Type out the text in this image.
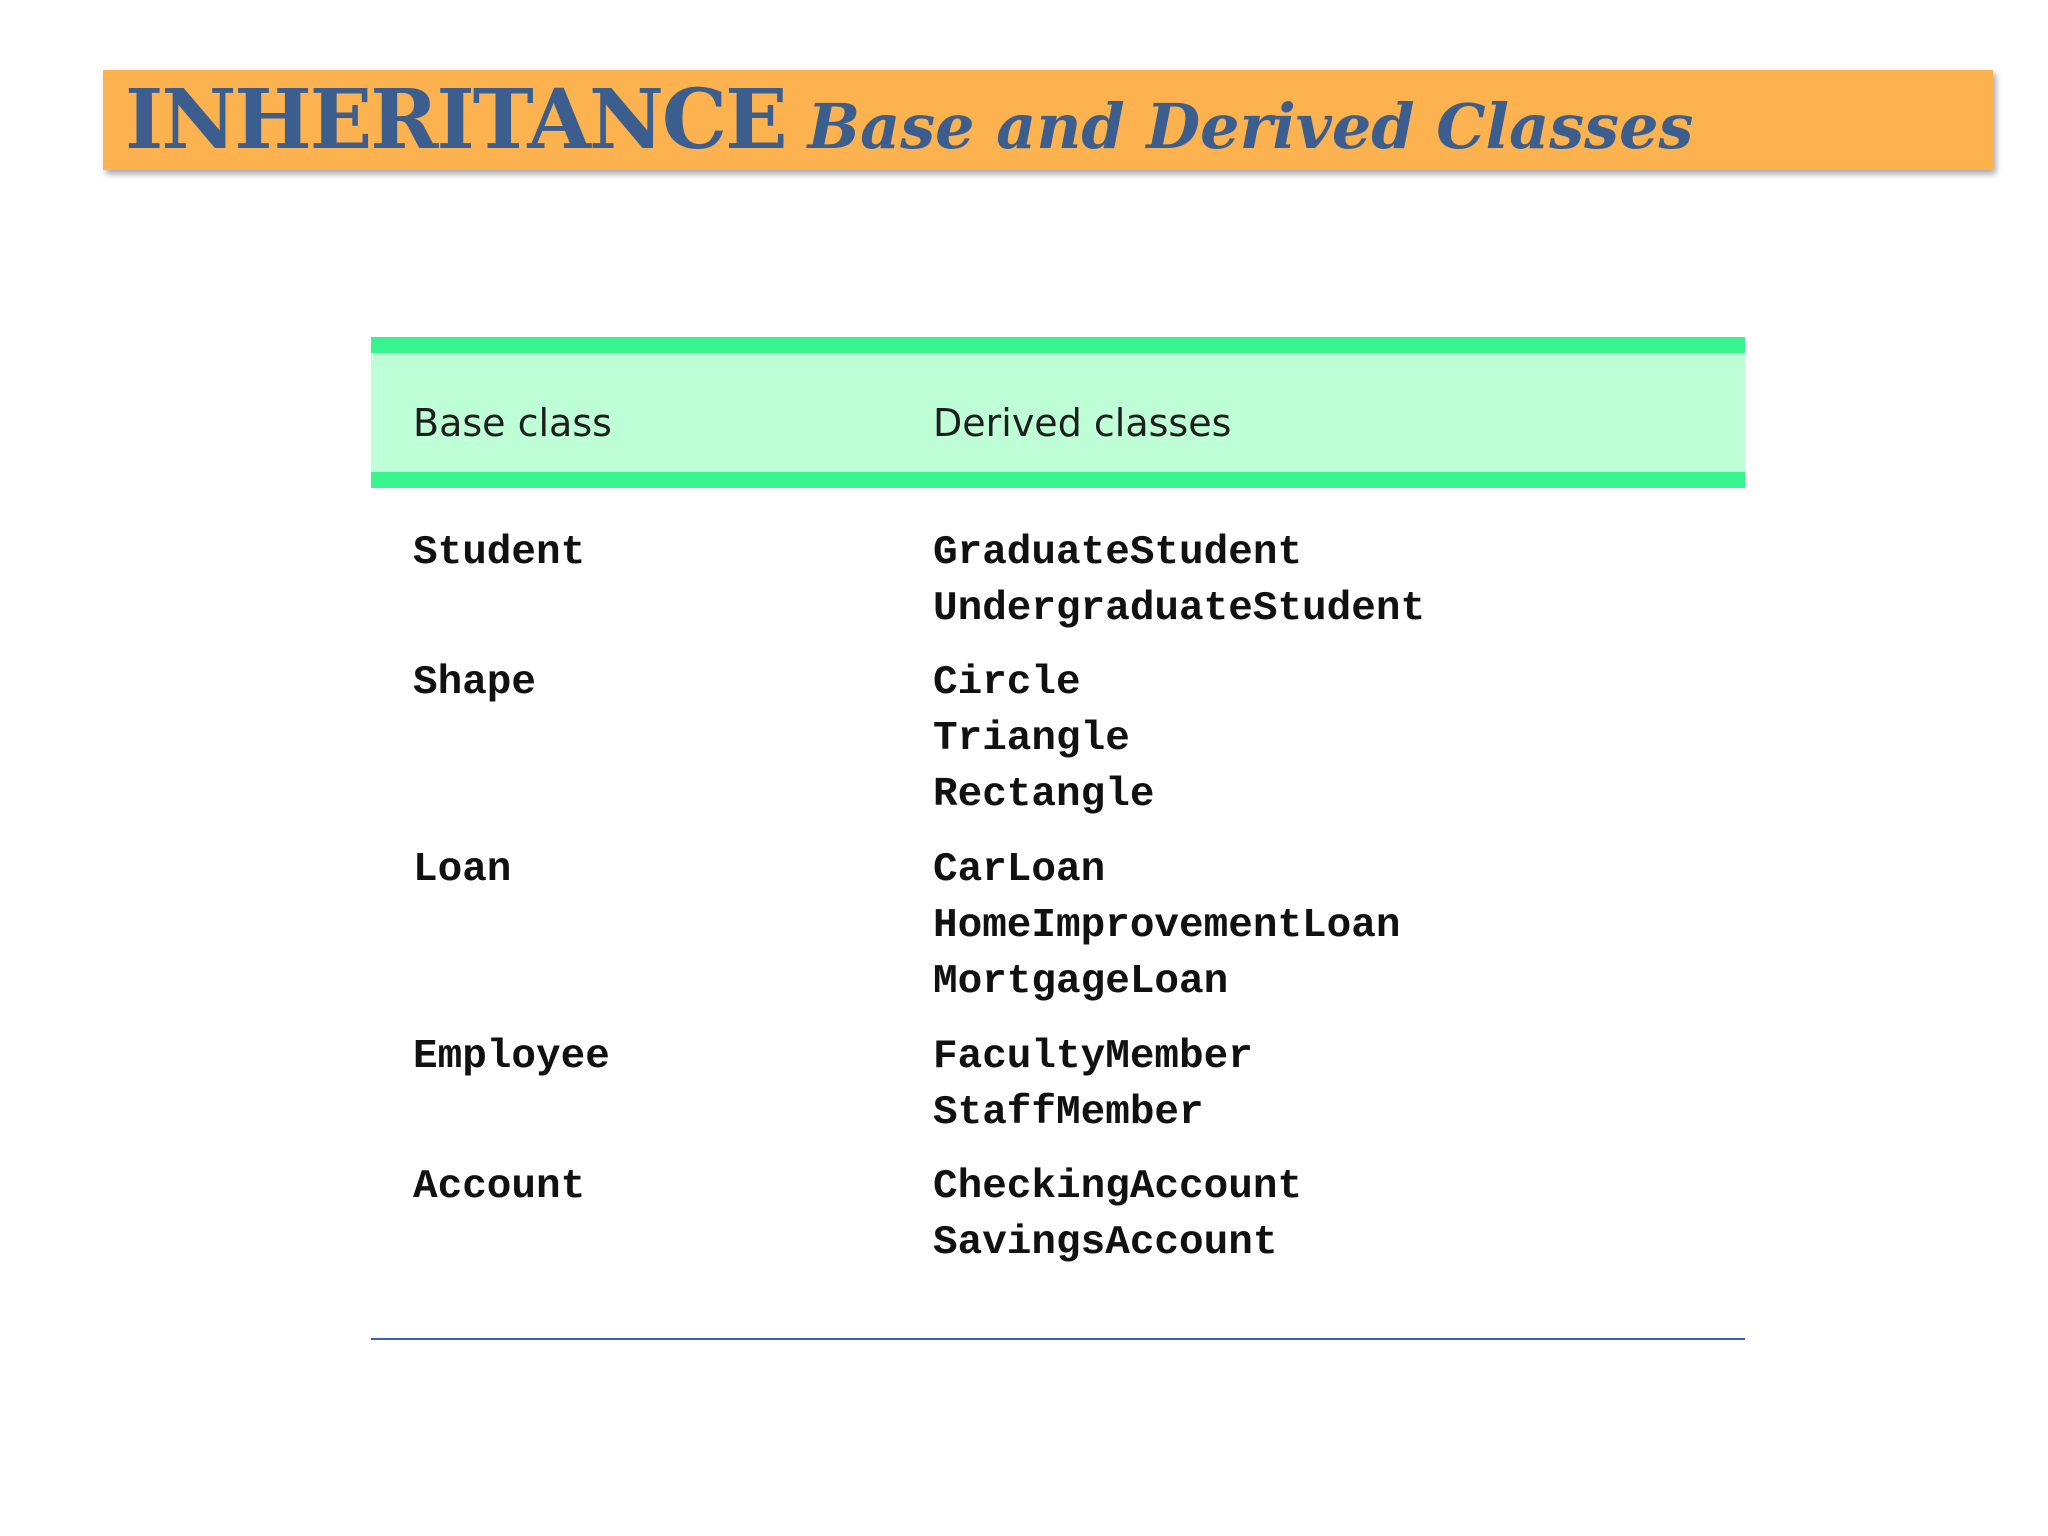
INHERITANCE Base and Derived Classes
Base class	Derived classes
Student	GraduateStudent
UndergraduateStudent
Shape	Circle
Triangle
Rectangle
Loan	CarLoan
HomeImprovementLoan
MortgageLoan
Employee	FacultyMember
StaffMember
Account	CheckingAccount
SavingsAccount
